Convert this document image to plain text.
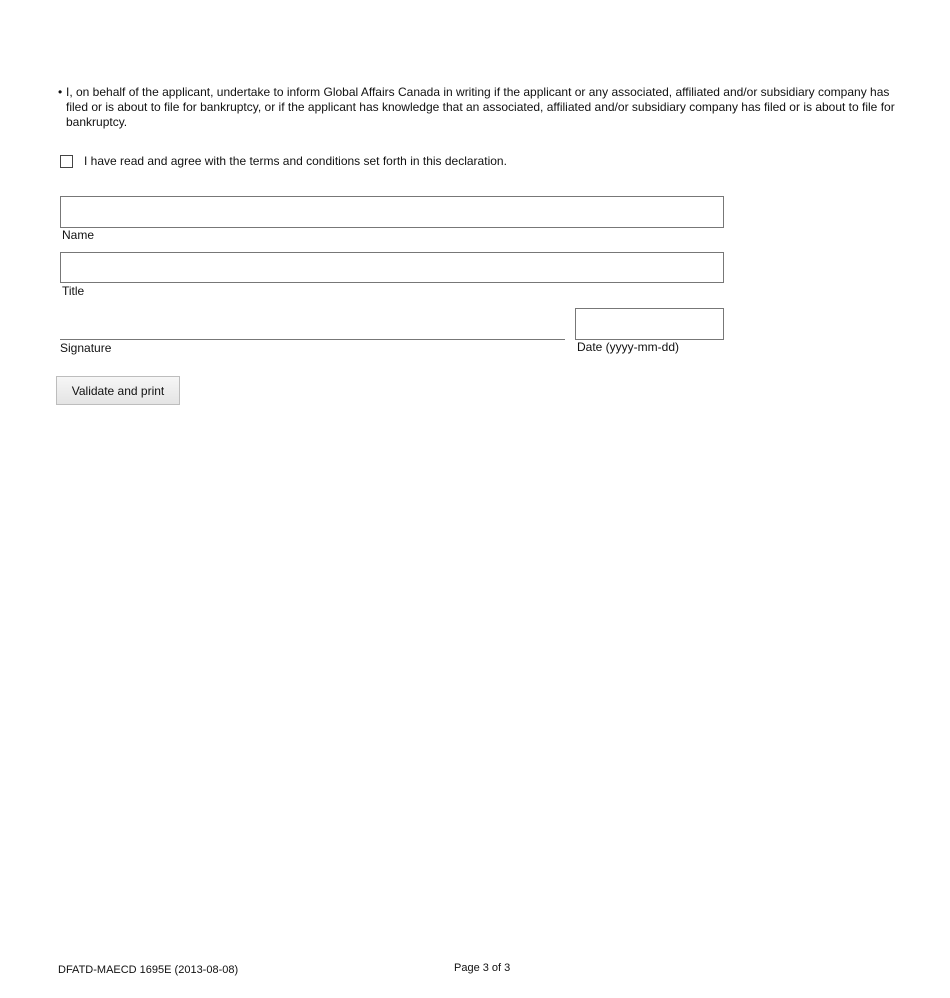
• I, on behalf of the applicant, undertake to inform Global Affairs Canada in writing if the applicant or any associated, affiliated and/or subsidiary company has filed or is about to file for bankruptcy, or if the applicant has knowledge that an associated, affiliated and/or subsidiary company has filed or is about to file for bankruptcy.
I have read and agree with the terms and conditions set forth in this declaration.
Name
Title
Signature	Date (yyyy-mm-dd)
Validate and print
DFATD-MAECD 1695E (2013-08-08)	Page 3 of 3
